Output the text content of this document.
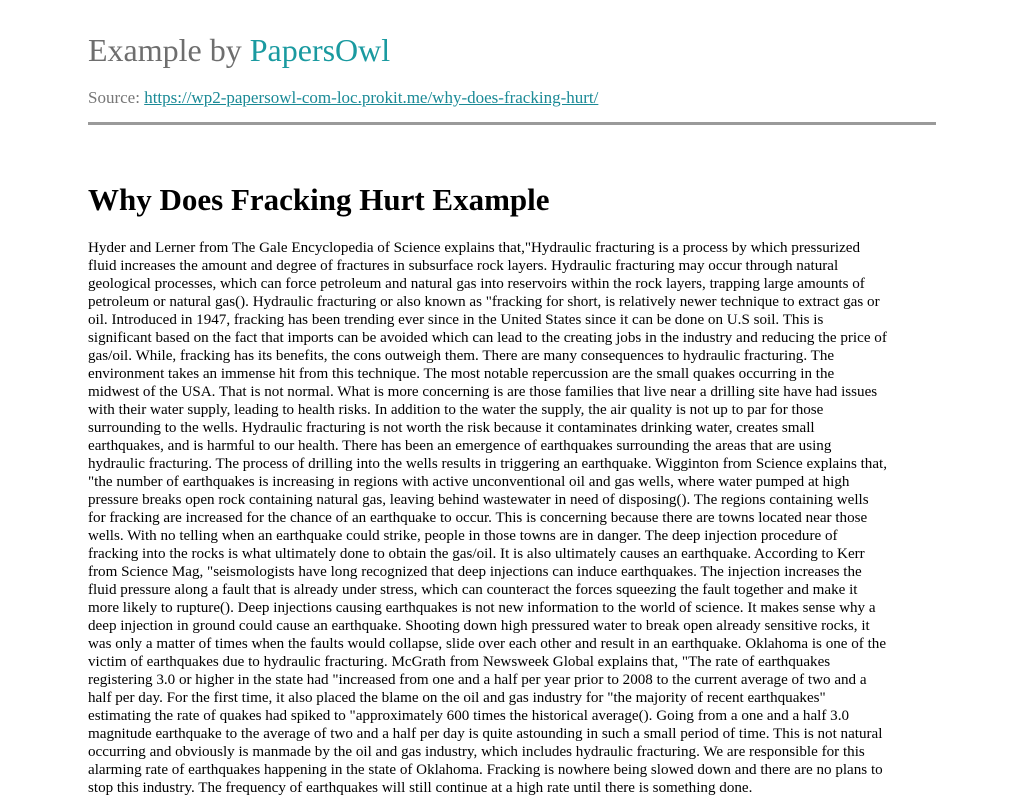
Example by PapersOwl
Source: https://wp2-papersowl-com-loc.prokit.me/why-does-fracking-hurt/
Why Does Fracking Hurt Example
Hyder and Lerner from The Gale Encyclopedia of Science explains that,"Hydraulic fracturing is a process by which pressurized
fluid increases the amount and degree of fractures in subsurface rock layers. Hydraulic fracturing may occur through natural
geological processes, which can force petroleum and natural gas into reservoirs within the rock layers, trapping large amounts of
petroleum or natural gas(). Hydraulic fracturing or also known as "fracking for short, is relatively newer technique to extract gas or
oil. Introduced in 1947, fracking has been trending ever since in the United States since it can be done on U.S soil. This is
significant based on the fact that imports can be avoided which can lead to the creating jobs in the industry and reducing the price of
gas/oil. While, fracking has its benefits, the cons outweigh them. There are many consequences to hydraulic fracturing. The
environment takes an immense hit from this technique. The most notable repercussion are the small quakes occurring in the
midwest of the USA. That is not normal. What is more concerning is are those families that live near a drilling site have had issues
with their water supply, leading to health risks. In addition to the water the supply, the air quality is not up to par for those
surrounding to the wells. Hydraulic fracturing is not worth the risk because it contaminates drinking water, creates small
earthquakes, and is harmful to our health. There has been an emergence of earthquakes surrounding the areas that are using
hydraulic fracturing. The process of drilling into the wells results in triggering an earthquake. Wigginton from Science explains that,
"the number of earthquakes is increasing in regions with active unconventional oil and gas wells, where water pumped at high
pressure breaks open rock containing natural gas, leaving behind wastewater in need of disposing(). The regions containing wells
for fracking are increased for the chance of an earthquake to occur. This is concerning because there are towns located near those
wells. With no telling when an earthquake could strike, people in those towns are in danger. The deep injection procedure of
fracking into the rocks is what ultimately done to obtain the gas/oil. It is also ultimately causes an earthquake. According to Kerr
from Science Mag, "seismologists have long recognized that deep injections can induce earthquakes. The injection increases the
fluid pressure along a fault that is already under stress, which can counteract the forces squeezing the fault together and make it
more likely to rupture(). Deep injections causing earthquakes is not new information to the world of science. It makes sense why a
deep injection in ground could cause an earthquake. Shooting down high pressured water to break open already sensitive rocks, it
was only a matter of times when the faults would collapse, slide over each other and result in an earthquake. Oklahoma is one of the
victim of earthquakes due to hydraulic fracturing. McGrath from Newsweek Global explains that, "The rate of earthquakes
registering 3.0 or higher in the state had "increased from one and a half per year prior to 2008 to the current average of two and a
half per day. For the first time, it also placed the blame on the oil and gas industry for "the majority of recent earthquakes"
estimating the rate of quakes had spiked to "approximately 600 times the historical average(). Going from a one and a half 3.0
magnitude earthquake to the average of two and a half per day is quite astounding in such a small period of time. This is not natural
occurring and obviously is manmade by the oil and gas industry, which includes hydraulic fracturing. We are responsible for this
alarming rate of earthquakes happening in the state of Oklahoma. Fracking is nowhere being slowed down and there are no plans to
stop this industry. The frequency of earthquakes will still continue at a high rate until there is something done.
